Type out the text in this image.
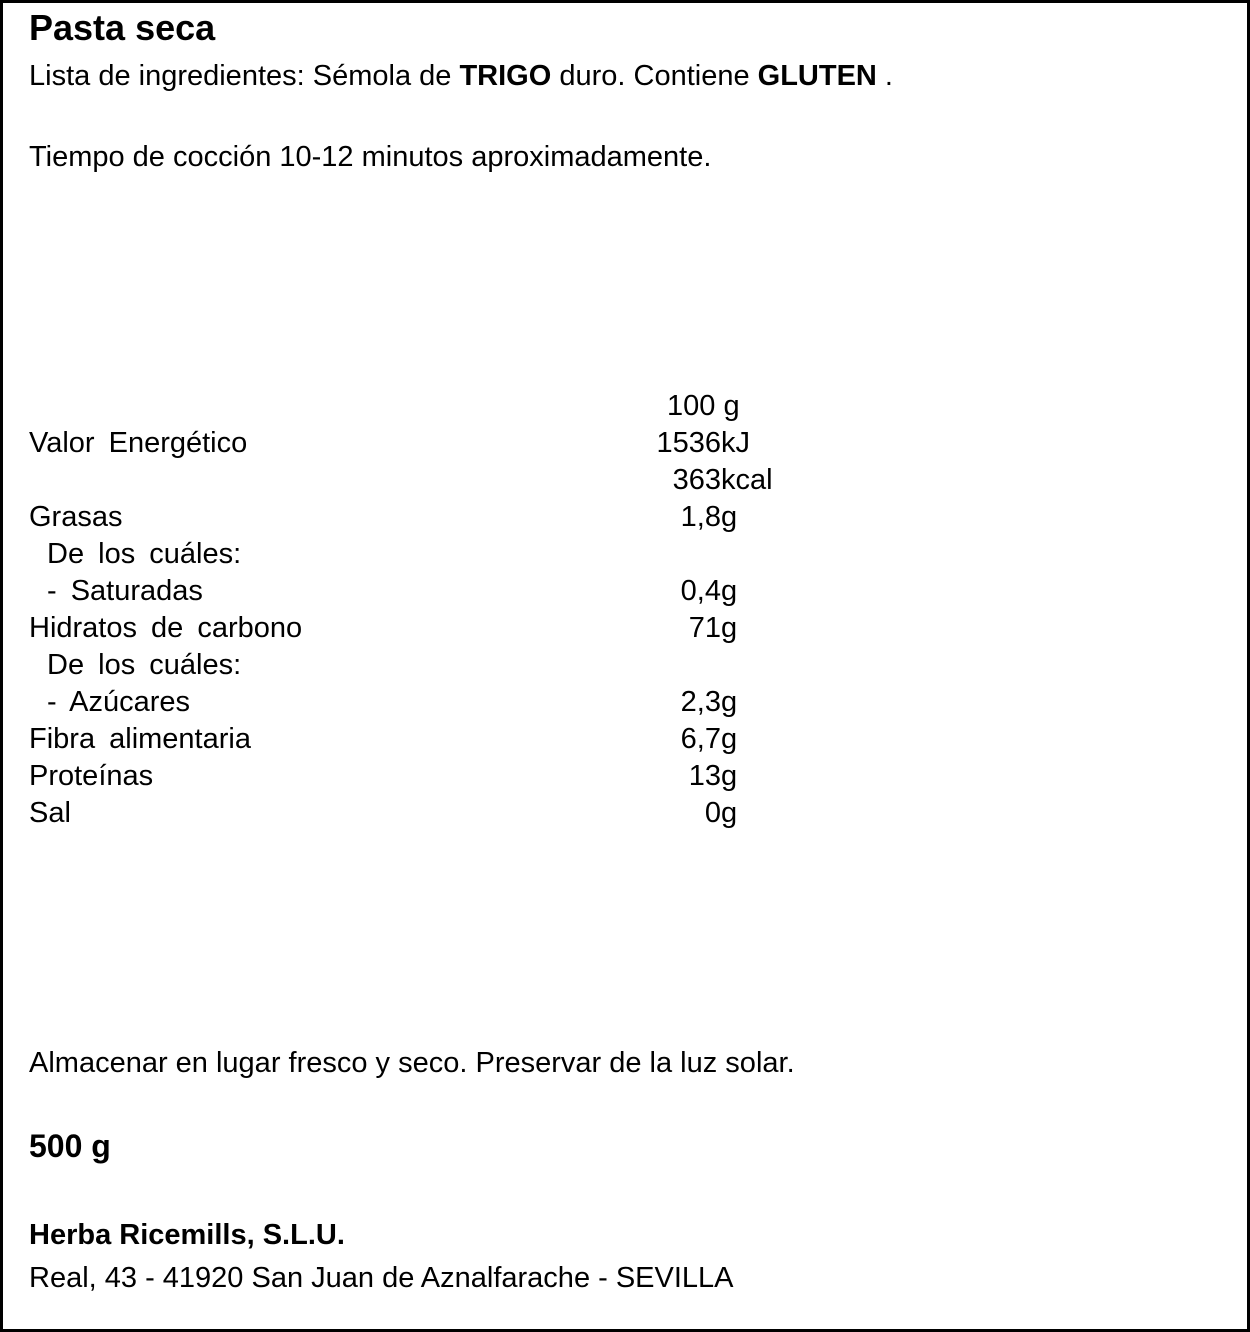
Pasta seca
Lista de ingredientes: Sémola de TRIGO duro. Contiene GLUTEN .
Tiempo de cocción 10-12 minutos aproximadamente.
100 g
Valor Energético	1536 kJ
363 kcal
Grasas	1,8 g
De los cuáles:
- Saturadas	0,4 g
Hidratos de carbono	71 g
De los cuáles:
- Azúcares	2,3 g
Fibra alimentaria	6,7 g
Proteínas	13 g
Sal	0 g
Almacenar en lugar fresco y seco. Preservar de la luz solar.
500 g
Herba Ricemills, S.L.U.
Real, 43 - 41920 San Juan de Aznalfarache - SEVILLA
